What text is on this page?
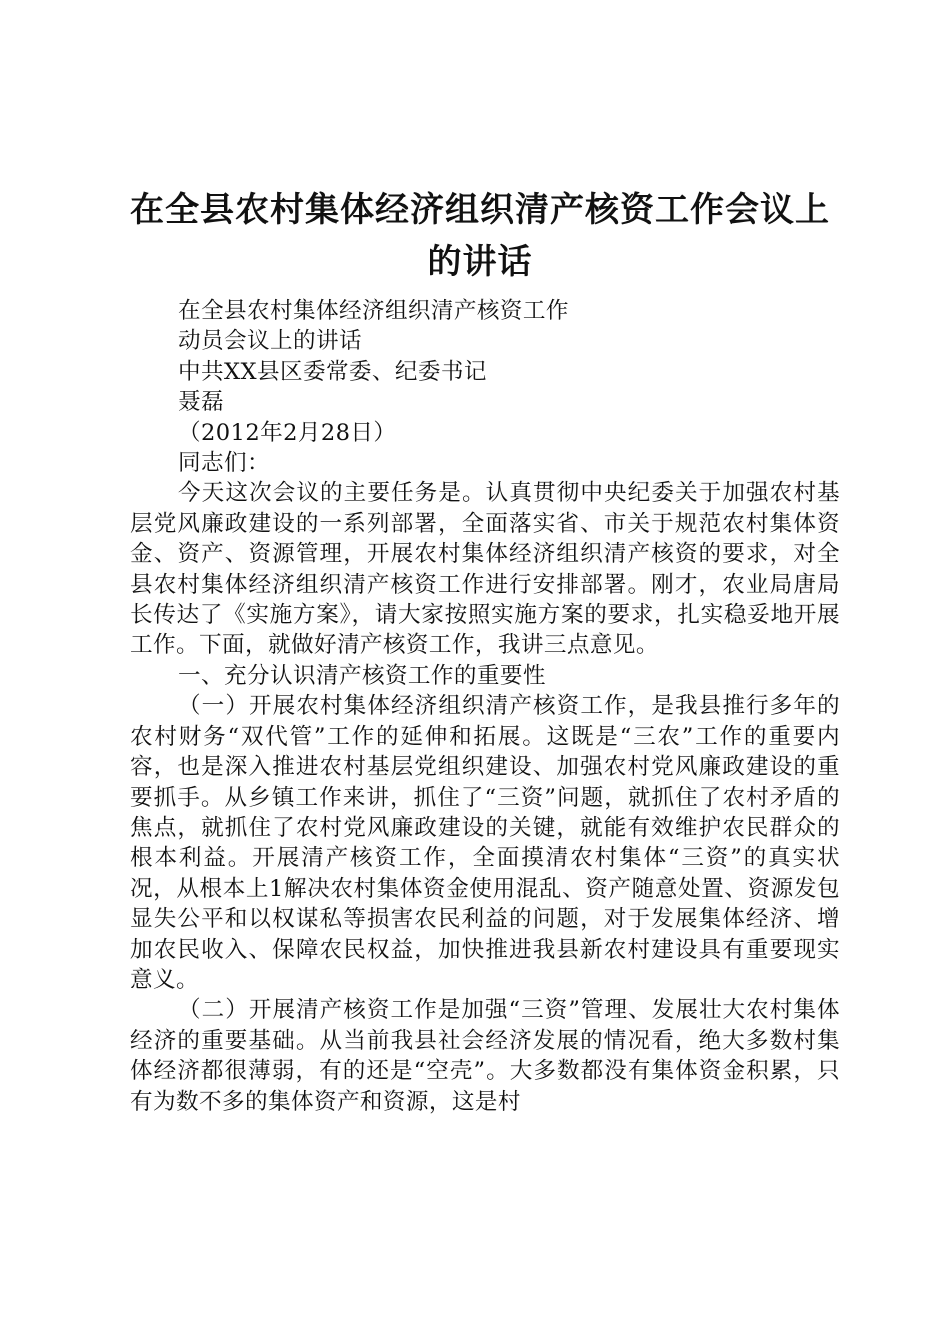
在全县农村集体经济组织清产核资工作会议上
的讲话
在全县农村集体经济组织清产核资工作
动员会议上的讲话
中共XX县区委常委、纪委书记
聂磊
（2012年2月28日）
同志们：

今天这次会议的主要任务是。认真贯彻中央纪委关于加强农村基层党风廉政建设的一系列部署，全面落实省、市关于规范农村集体资金、资产、资源管理，开展农村集体经济组织清产核资的要求，对全县农村集体经济组织清产核资工作进行安排部署。刚才，农业局唐局长传达了《实施方案》，请大家按照实施方案的要求，扎实稳妥地开展工作。下面，就做好清产核资工作，我讲三点意见。

一、充分认识清产核资工作的重要性

（一）开展农村集体经济组织清产核资工作，是我县推行多年的农村财务“双代管”工作的延伸和拓展。这既是“三农”工作的重要内容，也是深入推进农村基层党组织建设、加强农村党风廉政建设的重要抓手。从乡镇工作来讲，抓住了“三资”问题，就抓住了农村矛盾的焦点，就抓住了农村党风廉政建设的关键，就能有效维护农民群众的根本利益。开展清产核资工作，全面摸清农村集体“三资”的真实状况，从根本上1解决农村集体资金使用混乱、资产随意处置、资源发包显失公平和以权谋私等损害农民利益的问题，对于发展集体经济、增加农民收入、保障农民权益，加快推进我县新农村建设具有重要现实意义。

（二）开展清产核资工作是加强“三资”管理、发展壮大农村集体经济的重要基础。从当前我县社会经济发展的情况看，绝大多数村集体经济都很薄弱，有的还是“空壳”。大多数都没有集体资金积累，只有为数不多的集体资产和资源，这是村
